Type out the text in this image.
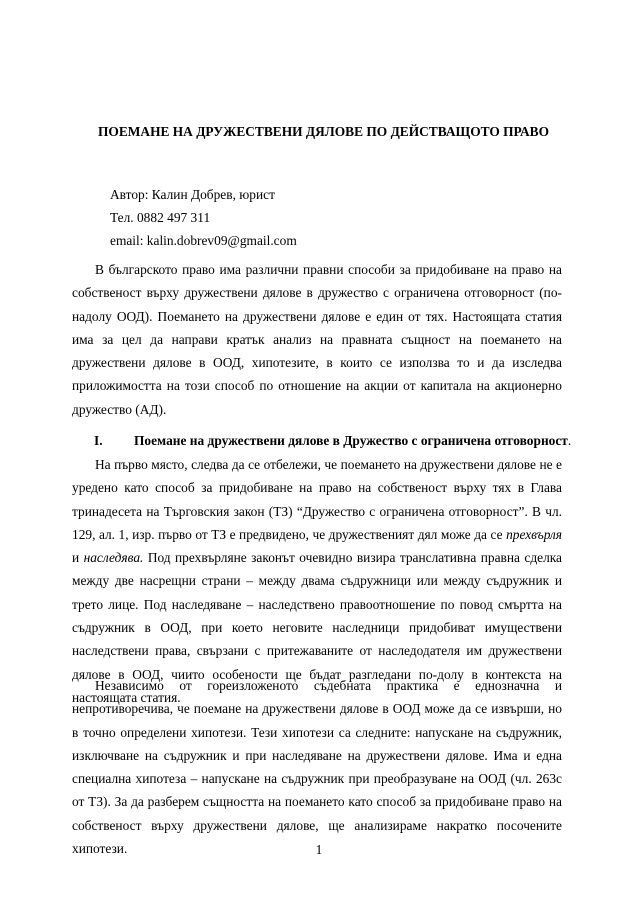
ПОЕМАНЕ НА ДРУЖЕСТВЕНИ ДЯЛОВЕ ПО ДЕЙСТВАЩОТО ПРАВО
Автор: Калин Добрев, юрист
Тел. 0882 497 311
email: kalin.dobrev09@gmail.com
В българското право има различни правни способи за придобиване на право на собственост върху дружествени дялове в дружество с ограничена отговорност (по-надолу ООД). Поемането на дружествени дялове е един от тях. Настоящата статия има за цел да направи кратък анализ на правната същност на поемането на дружествени дялове в ООД, хипотезите, в които се използва то и да изследва приложимостта на този способ по отношение на акции от капитала на акционерно дружество (АД).
I. Поемане на дружествени дялове в Дружество с ограничена отговорност.
На първо място, следва да се отбележи, че поемането на дружествени дялове не е уредено като способ за придобиване на право на собственост върху тях в Глава тринадесета на Търговския закон (ТЗ) “Дружество с ограничена отговорност”. В чл. 129, ал. 1, изр. първо от ТЗ е предвидено, че дружественият дял може да се прехвърля и наследява. Под прехвърляне законът очевидно визира транслативна правна сделка между две насрещни страни – между двама съдружници или между съдружник и трето лице. Под наследяване – наследствено правоотношение по повод смъртта на съдружник в ООД, при което неговите наследници придобиват имуществени наследствени права, свързани с притежаваните от наследодателя им дружествени дялове в ООД, чиито особености ще бъдат разгледани по-долу в контекста на настоящата статия.
Независимо от гореизложеното съдебната практика е еднозначна и непротиворечива, че поемане на дружествени дялове в ООД може да се извърши, но в точно определени хипотези. Тези хипотези са следните: напускане на съдружник, изключване на съдружник и при наследяване на дружествени дялове. Има и една специална хипотеза – напускане на съдружник при преобразуване на ООД (чл. 263с от ТЗ). За да разберем същността на поемането като способ за придобиване право на собственост върху дружествени дялове, ще анализираме накратко посочените хипотези.	1
